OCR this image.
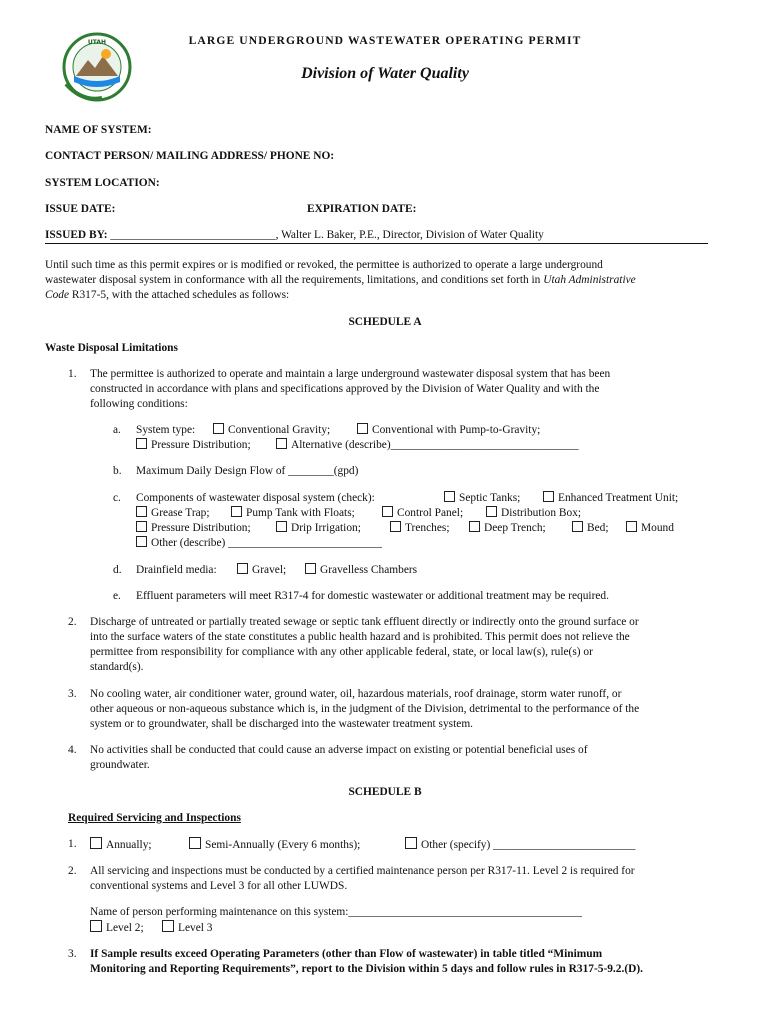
UTAH	LARGE UNDERGROUND WASTEWATER OPERATING PERMIT
Division of Water Quality
NAME OF SYSTEM:
CONTACT PERSON/ MAILING ADDRESS/ PHONE NO:
SYSTEM LOCATION:
ISSUE DATE:	EXPIRATION DATE:
ISSUED BY: _____________________________, Walter L. Baker, P.E., Director, Division of Water Quality
Until such time as this permit expires or is modified or revoked, the permittee is authorized to operate a large underground
wastewater disposal system in conformance with all the requirements, limitations, and conditions set forth in Utah Administrative
Code R317-5, with the attached schedules as follows:
SCHEDULE A
Waste Disposal Limitations
1. The permittee is authorized to operate and maintain a large underground wastewater disposal system that has been
constructed in accordance with plans and specifications approved by the Division of Water Quality and with the
following conditions:
a. System type:	Conventional Gravity;	Conventional with Pump-to-Gravity;
Pressure Distribution;	Alternative (describe)_________________________________
b. Maximum Daily Design Flow of ________(gpd)
c. Components of wastewater disposal system (check):	Septic Tanks;	Enhanced Treatment Unit;
Grease Trap;	Pump Tank with Floats;	Control Panel;	Distribution Box;
Pressure Distribution;	Drip Irrigation;	Trenches;	Deep Trench;	Bed;	Mound
Other (describe) ___________________________
d. Drainfield media:	Gravel;	Gravelless Chambers
e. Effluent parameters will meet R317-4 for domestic wastewater or additional treatment may be required.
2. Discharge of untreated or partially treated sewage or septic tank effluent directly or indirectly onto the ground surface or
into the surface waters of the state constitutes a public health hazard and is prohibited. This permit does not relieve the
permittee from responsibility for compliance with any other applicable federal, state, or local law(s), rule(s) or
standard(s).
3. No cooling water, air conditioner water, ground water, oil, hazardous materials, roof drainage, storm water runoff, or
other aqueous or non-aqueous substance which is, in the judgment of the Division, detrimental to the performance of the
system or to groundwater, shall be discharged into the wastewater treatment system.
4. No activities shall be conducted that could cause an adverse impact on existing or potential beneficial uses of
groundwater.
SCHEDULE B
Required Servicing and Inspections
1.	Annually;	Semi-Annually (Every 6 months);	Other (specify) _________________________
2. All servicing and inspections must be conducted by a certified maintenance person per R317-11. Level 2 is required for
conventional systems and Level 3 for all other LUWDS.
Name of person performing maintenance on this system:_________________________________________
Level 2;	Level 3
3. If Sample results exceed Operating Parameters (other than Flow of wastewater) in table titled “Minimum
Monitoring and Reporting Requirements”, report to the Division within 5 days and follow rules in R317-5-9.2.(D).
